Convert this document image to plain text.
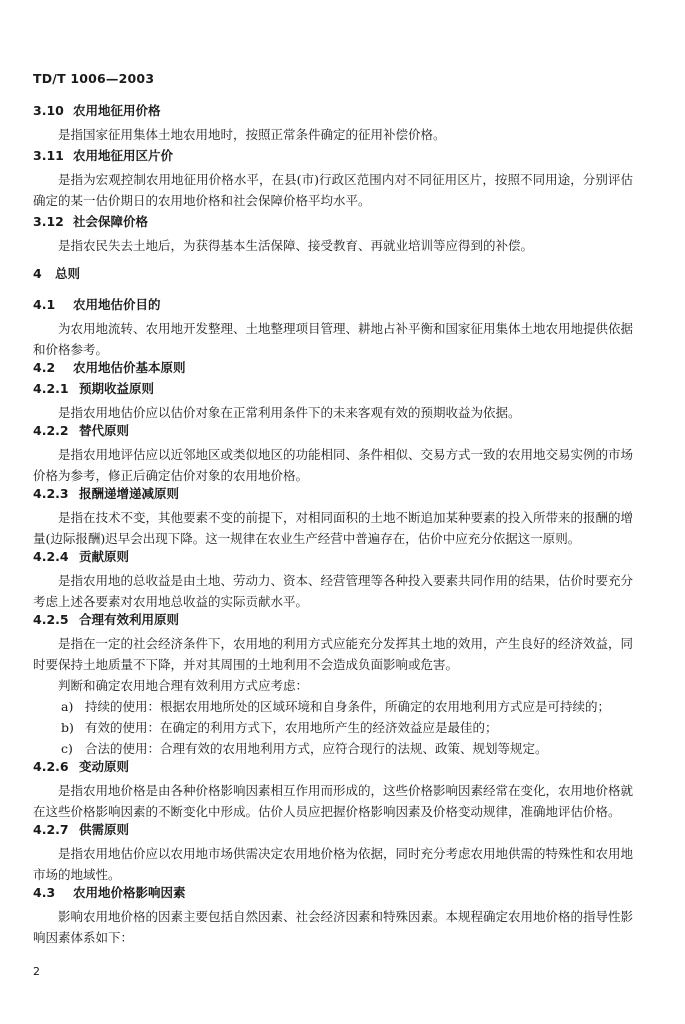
TD/T 1006—2003
3.10 农用地征用价格

是指国家征用集体土地农用地时，按照正常条件确定的征用补偿价格。

3.11 农用地征用区片价

是指为宏观控制农用地征用价格水平，在县(市)行政区范围内对不同征用区片，按照不同用途，分别评估确定的某一估价期日的农用地价格和社会保障价格平均水平。

3.12 社会保障价格

是指农民失去土地后，为获得基本生活保障、接受教育、再就业培训等应得到的补偿。

4 总则
4.1 农用地估价目的

为农用地流转、农用地开发整理、土地整理项目管理、耕地占补平衡和国家征用集体土地农用地提供依据和价格参考。

4.2 农用地估价基本原则
4.2.1 预期收益原则

是指农用地估价应以估价对象在正常利用条件下的未来客观有效的预期收益为依据。

4.2.2 替代原则

是指农用地评估应以近邻地区或类似地区的功能相同、条件相似、交易方式一致的农用地交易实例的市场价格为参考，修正后确定估价对象的农用地价格。

4.2.3 报酬递增递减原则

是指在技术不变，其他要素不变的前提下，对相同面积的土地不断追加某种要素的投入所带来的报酬的增量(边际报酬)迟早会出现下降。这一规律在农业生产经营中普遍存在，估价中应充分依据这一原则。

4.2.4 贡献原则

是指农用地的总收益是由土地、劳动力、资本、经营管理等各种投入要素共同作用的结果，估价时要充分考虑上述各要素对农用地总收益的实际贡献水平。

4.2.5 合理有效利用原则

是指在一定的社会经济条件下，农用地的利用方式应能充分发挥其土地的效用，产生良好的经济效益，同时要保持土地质量不下降，并对其周围的土地利用不会造成负面影响或危害。

判断和确定农用地合理有效利用方式应考虑：

a) 持续的使用：根据农用地所处的区域环境和自身条件，所确定的农用地利用方式应是可持续的；

b) 有效的使用：在确定的利用方式下，农用地所产生的经济效益应是最佳的；

c) 合法的使用：合理有效的农用地利用方式，应符合现行的法规、政策、规划等规定。

4.2.6 变动原则

是指农用地价格是由各种价格影响因素相互作用而形成的，这些价格影响因素经常在变化，农用地价格就在这些价格影响因素的不断变化中形成。估价人员应把握价格影响因素及价格变动规律，准确地评估价格。

4.2.7 供需原则

是指农用地估价应以农用地市场供需决定农用地价格为依据，同时充分考虑农用地供需的特殊性和农用地市场的地域性。

4.3 农用地价格影响因素

影响农用地价格的因素主要包括自然因素、社会经济因素和特殊因素。本规程确定农用地价格的指导性影响因素体系如下：

2
